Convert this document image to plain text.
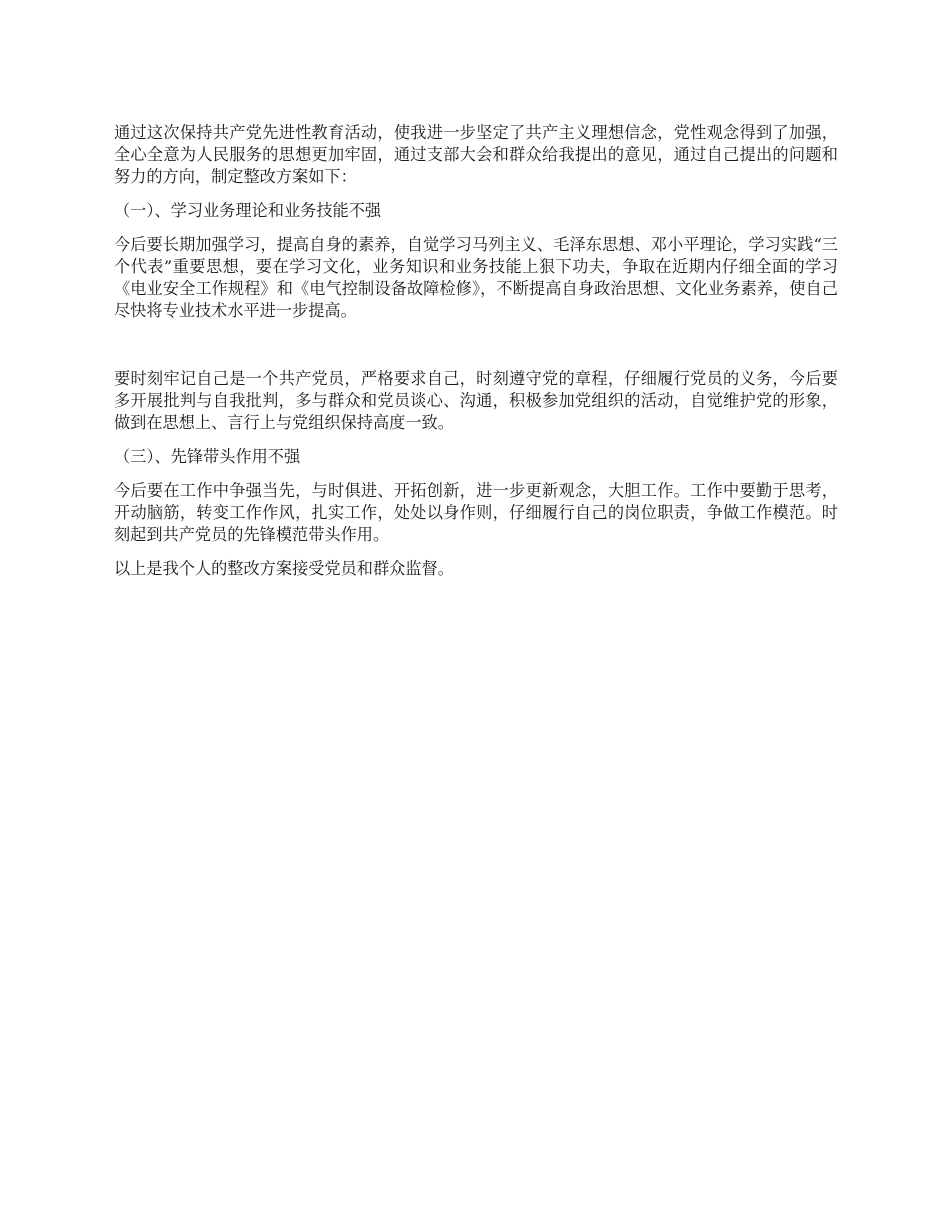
通过这次保持共产党先进性教育活动，使我进一步坚定了共产主义理想信念，党性观念得到了加强，全心全意为人民服务的思想更加牢固，通过支部大会和群众给我提出的意见，通过自己提出的问题和努力的方向，制定整改方案如下：

（一）、学习业务理论和业务技能不强

今后要长期加强学习，提高自身的素养，自觉学习马列主义、毛泽东思想、邓小平理论，学习实践“三个代表”重要思想，要在学习文化，业务知识和业务技能上狠下功夫，争取在近期内仔细全面的学习《电业安全工作规程》和《电气控制设备故障检修》，不断提高自身政治思想、文化业务素养，使自己尽快将专业技术水平进一步提高。

要时刻牢记自己是一个共产党员，严格要求自己，时刻遵守党的章程，仔细履行党员的义务，今后要多开展批判与自我批判，多与群众和党员谈心、沟通，积极参加党组织的活动，自觉维护党的形象，做到在思想上、言行上与党组织保持高度一致。

（三）、先锋带头作用不强

今后要在工作中争强当先，与时俱进、开拓创新，进一步更新观念，大胆工作。工作中要勤于思考，开动脑筋，转变工作作风，扎实工作，处处以身作则，仔细履行自己的岗位职责，争做工作模范。时刻起到共产党员的先锋模范带头作用。

以上是我个人的整改方案接受党员和群众监督。
